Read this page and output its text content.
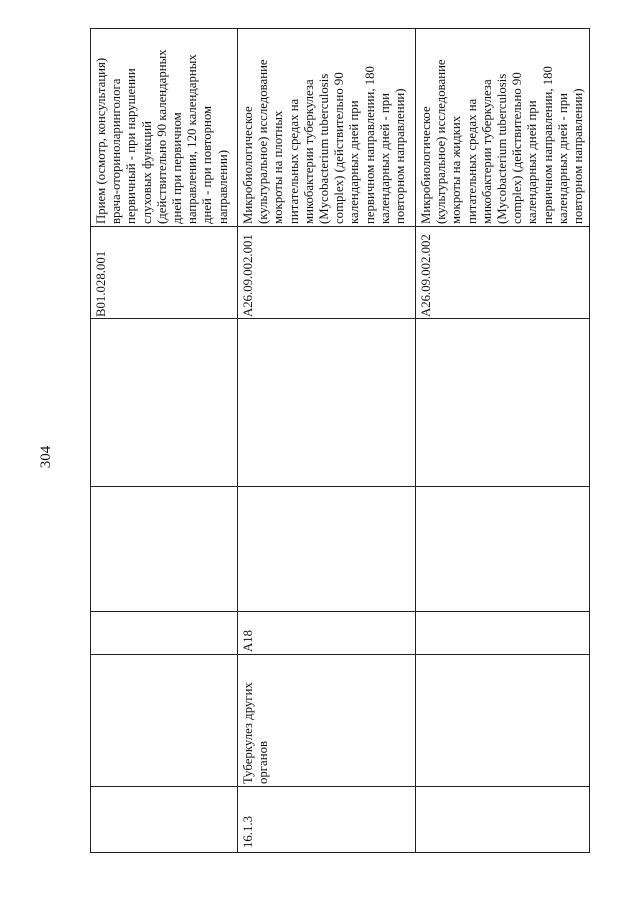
304
B01.028.001
Прием (осмотр, консультация) врача-оториноларинголога первичный - при нарушении слуховых функций (действительно 90 календарных дней при первичном направлении, 120 календарных дней - при повторном направлении)
16.1.3
Туберкулез других органов
A18
A26.09.002.001
Микробиологическое (культуральное) исследование мокроты на плотных питательных средах на микобактерии туберкулеза (Mycobacterium tuberculosis complex) (действительно 90 календарных дней при первичном направлении, 180 календарных дней - при повторном направлении)
A26.09.002.002
Микробиологическое (культуральное) исследование мокроты на жидких питательных средах на микобактерии туберкулеза (Mycobacterium tuberculosis complex) (действительно 90 календарных дней при первичном направлении, 180 календарных дней - при повторном направлении)
